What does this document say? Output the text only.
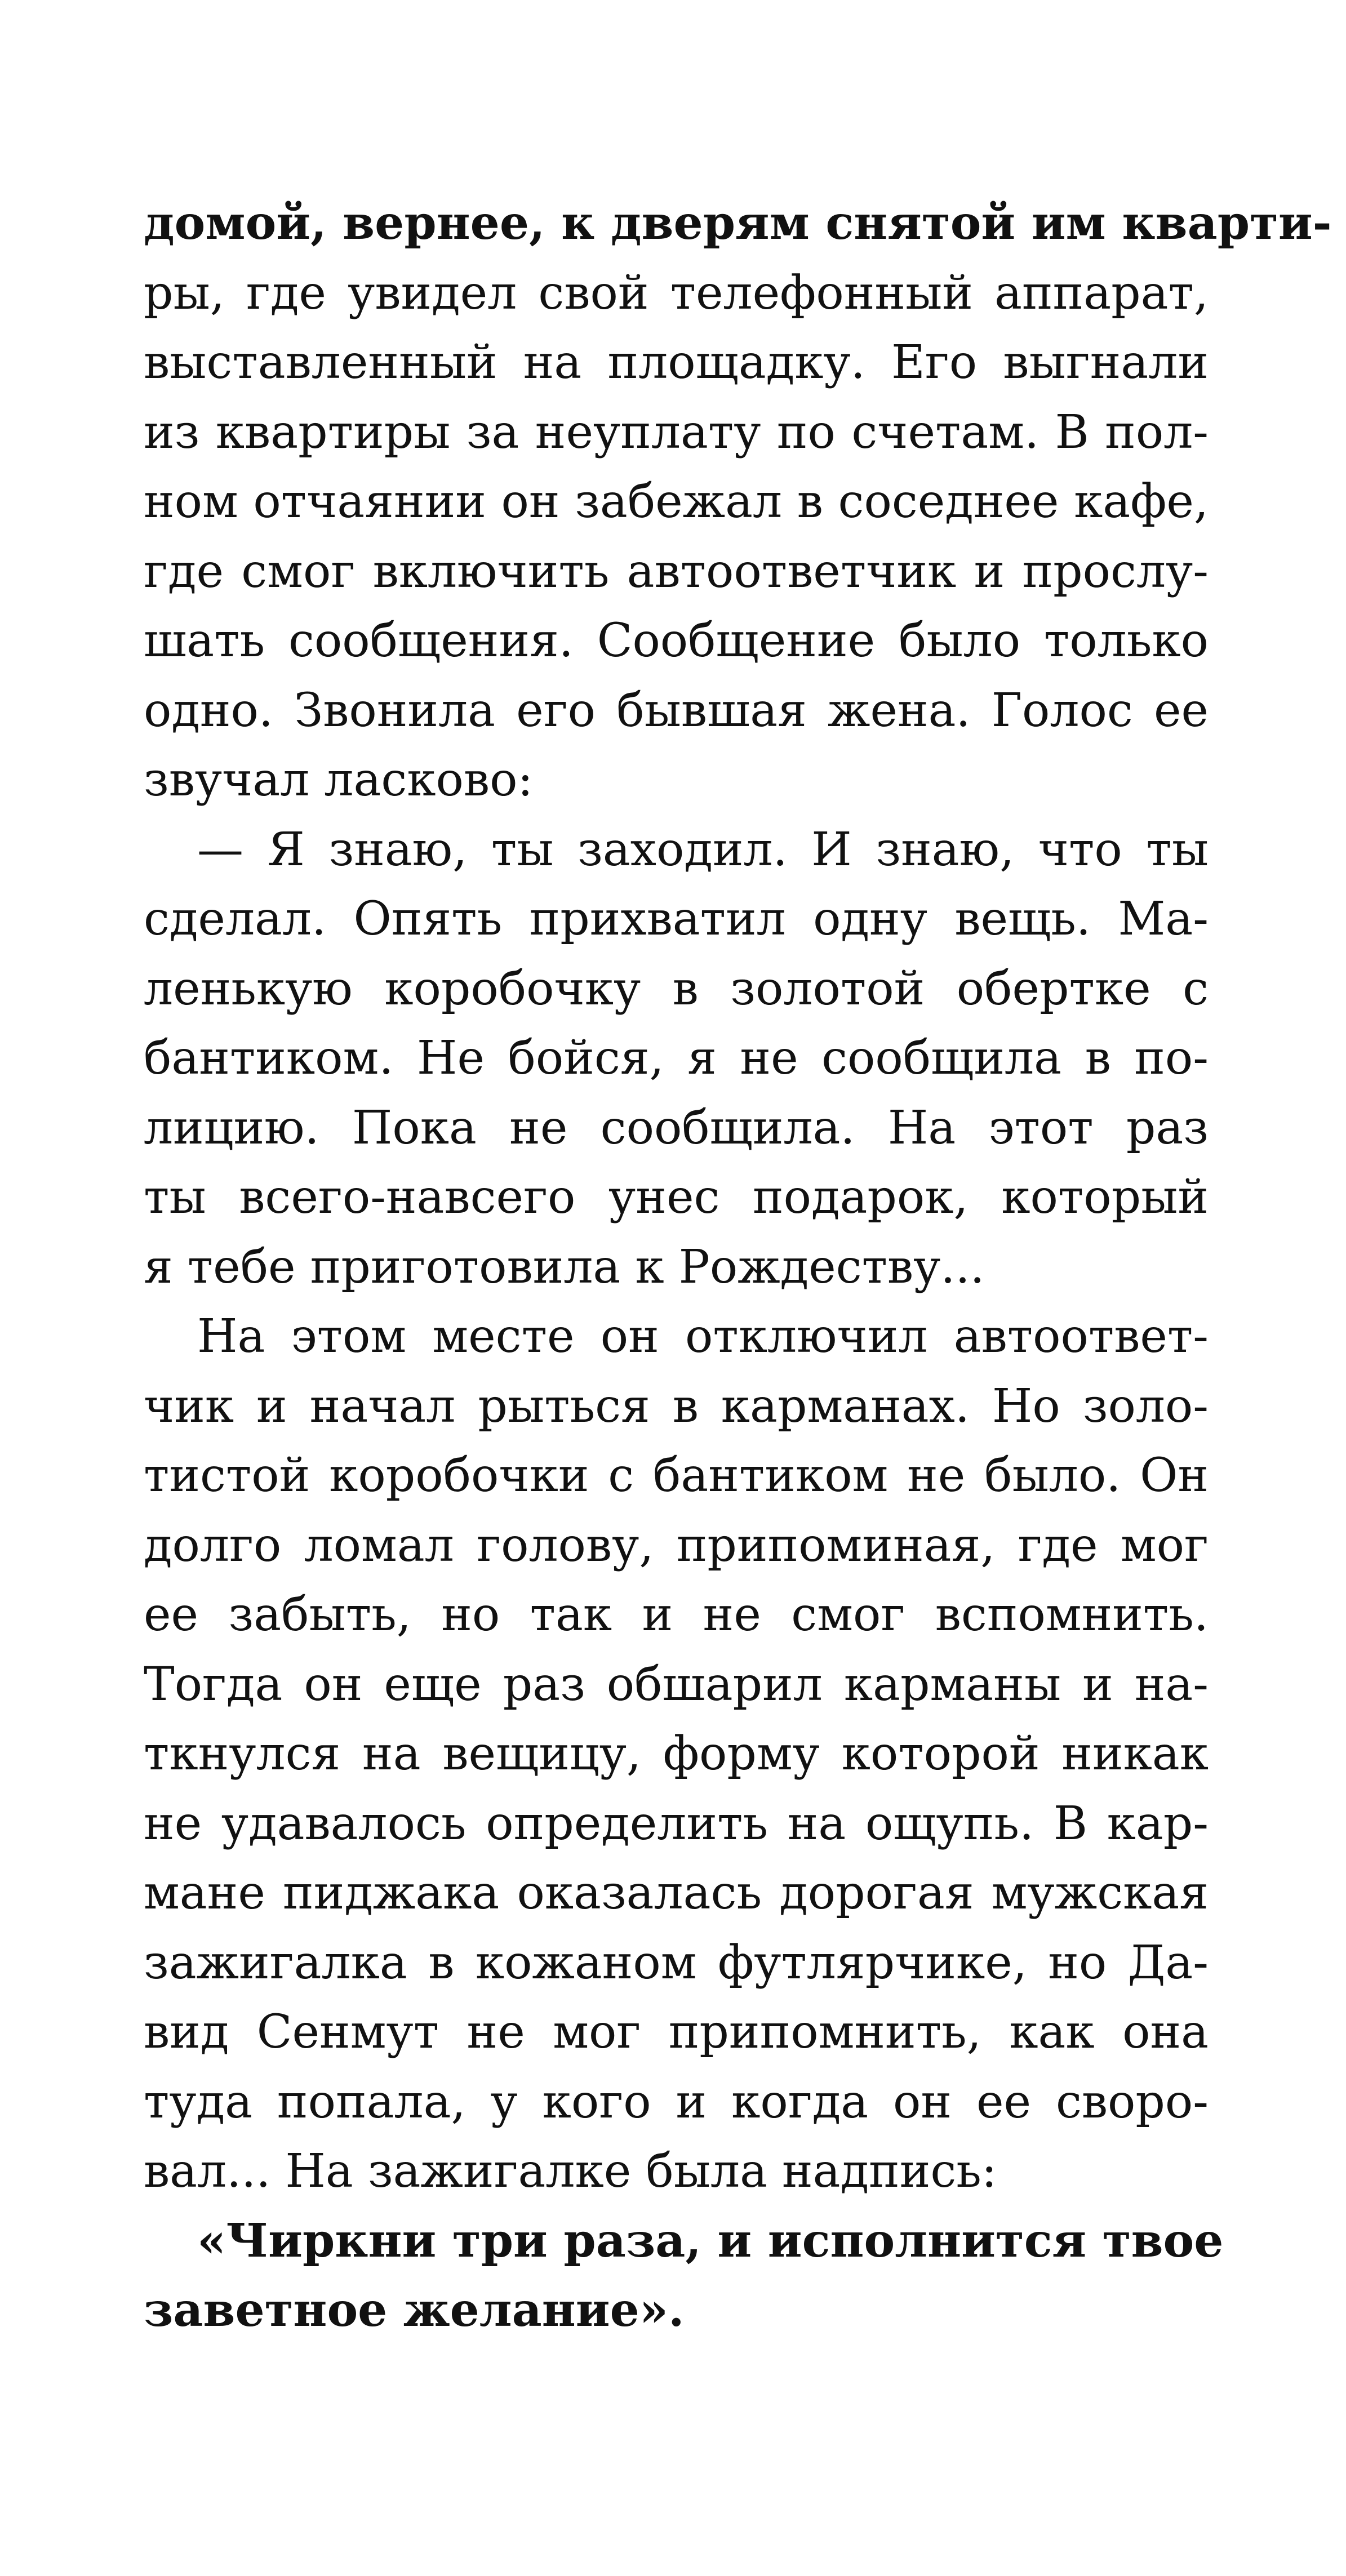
домой, вернее, к дверям снятой им кварти-
ры, где увидел свой телефонный аппарат,
выставленный на площадку. Его выгнали
из квартиры за неуплату по счетам. В пол-
ном отчаянии он забежал в соседнее кафе,
где смог включить автоответчик и прослу-
шать сообщения. Сообщение было только
одно. Звонила его бывшая жена. Голос ее
звучал ласково:
— Я знаю, ты заходил. И знаю, что ты
сделал. Опять прихватил одну вещь. Ма-
ленькую коробочку в золотой обертке с
бантиком. Не бойся, я не сообщила в по-
лицию. Пока не сообщила. На этот раз
ты всего-навсего унес подарок, который
я тебе приготовила к Рождеству...
На этом месте он отключил автоответ-
чик и начал рыться в карманах. Но золо-
тистой коробочки с бантиком не было. Он
долго ломал голову, припоминая, где мог
ее забыть, но так и не смог вспомнить.
Тогда он еще раз обшарил карманы и на-
ткнулся на вещицу, форму которой никак
не удавалось определить на ощупь. В кар-
мане пиджака оказалась дорогая мужская
зажигалка в кожаном футлярчике, но Да-
вид Сенмут не мог припомнить, как она
туда попала, у кого и когда он ее своро-
вал... На зажигалке была надпись:
«Чиркни три раза, и исполнится твое
заветное желание».
